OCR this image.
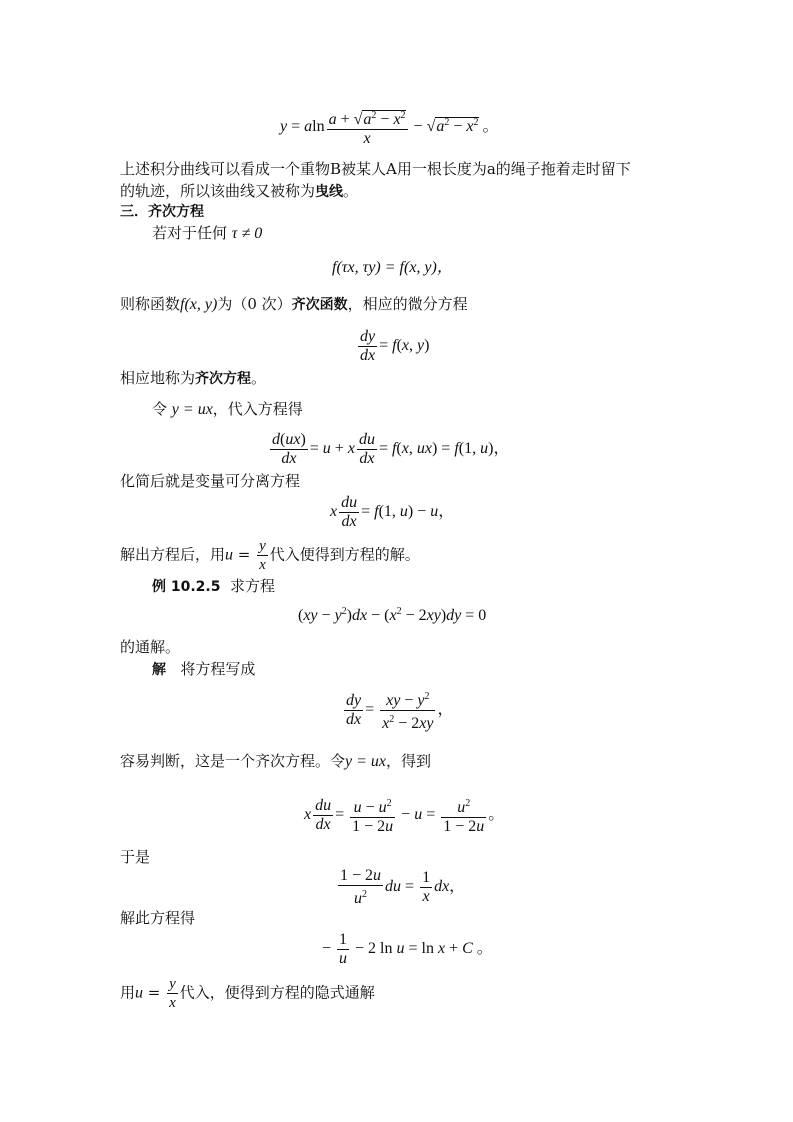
y = aln $\frac{a + √a^2 - x^2}{x} - √a^2 - x^2$ 。
上述积分曲线可以看成一个重物B被某人A用一根长度为a的绳子拖着走时留下
的轨迹，所以该曲线又被称为曳线。
三．齐次方程
若对于任何 τ ≠ 0
f(τx, τy) = f(x, y)，
则称函数f(x, y)为（0 次）齐次函数，相应的微分方程
$\frac{dy}{dx} = f(x$, y)
相应地称为齐次方程。
令 y = ux，代入方程得
$\frac{d(ux)}{dx} = u + x \frac{du}{dx} = f(x$, ux) = f(1, u)，
化简后就是变量可分离方程
x $\frac{du}{dx} = f(1$, u) − u，
解出方程后，用$u = \frac{y}{x}$ 代入便得到方程的解。
例 10.2.5 求方程
$(xy - y^2)dx - (x^2 - 2xy)dy = 0$
的通解。
解 将方程写成
$\frac{dy}{dx} = \frac{xy - y^2}{x^2 - 2xy}$ ，
容易判断，这是一个齐次方程。令y = ux，得到
x $\frac{du}{dx} = \frac{u - u^2}{1 - 2u} - u = \frac{u^2}{1 - 2u}$ 。
于是
$\frac{1 - 2u}{u^2}$ du = $\frac{1}{x}$ dx，
解此方程得
− $\frac{1}{u} - 2$ ln u = ln x + C 。
用$u = \frac{y}{x}$ 代入，便得到方程的隐式通解
